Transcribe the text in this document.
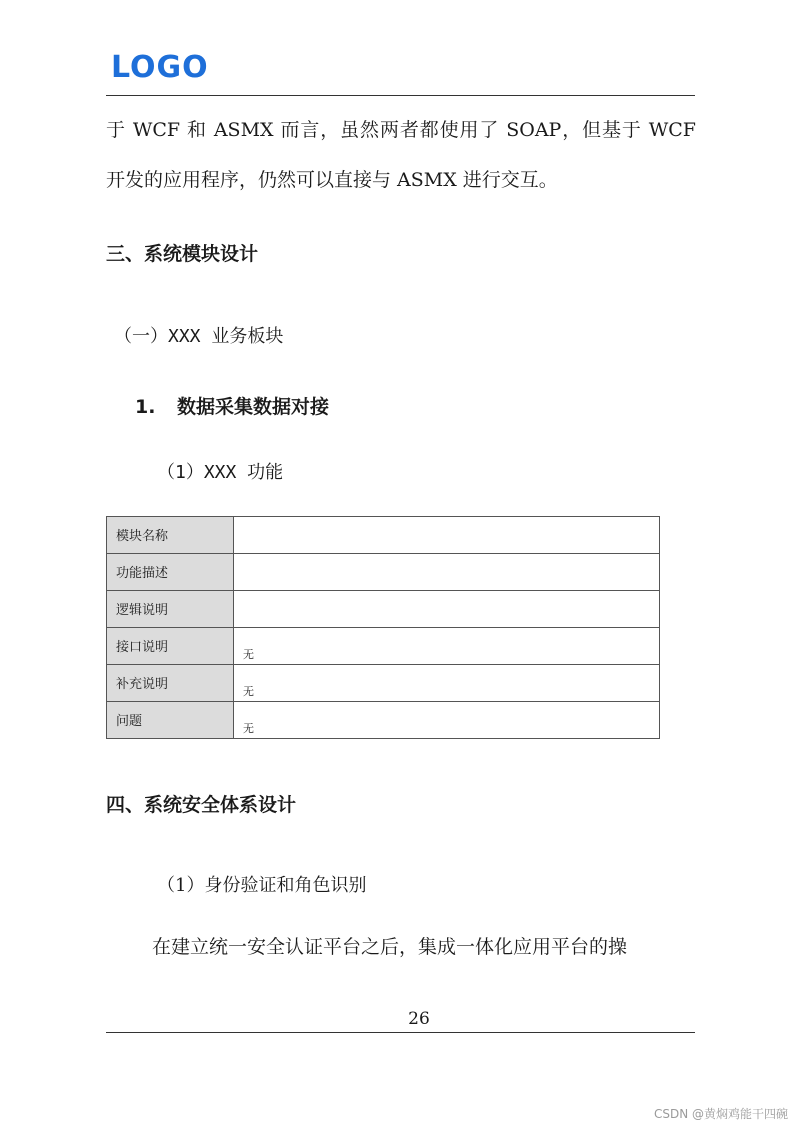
LOGO
于 WCF 和 ASMX 而言，虽然两者都使用了 SOAP，但基于 WCF 开发的应用程序，仍然可以直接与 ASMX 进行交互。
三、系统模块设计
（一）XXX 业务板块
1. 数据采集数据对接
（1）XXX 功能
模块名称	
功能描述	
逻辑说明	
接口说明	无
补充说明	无
问题	无
四、系统安全体系设计
（1）身份验证和角色识别
在建立统一安全认证平台之后，集成一体化应用平台的操
26
CSDN @黄焖鸡能干四碗
